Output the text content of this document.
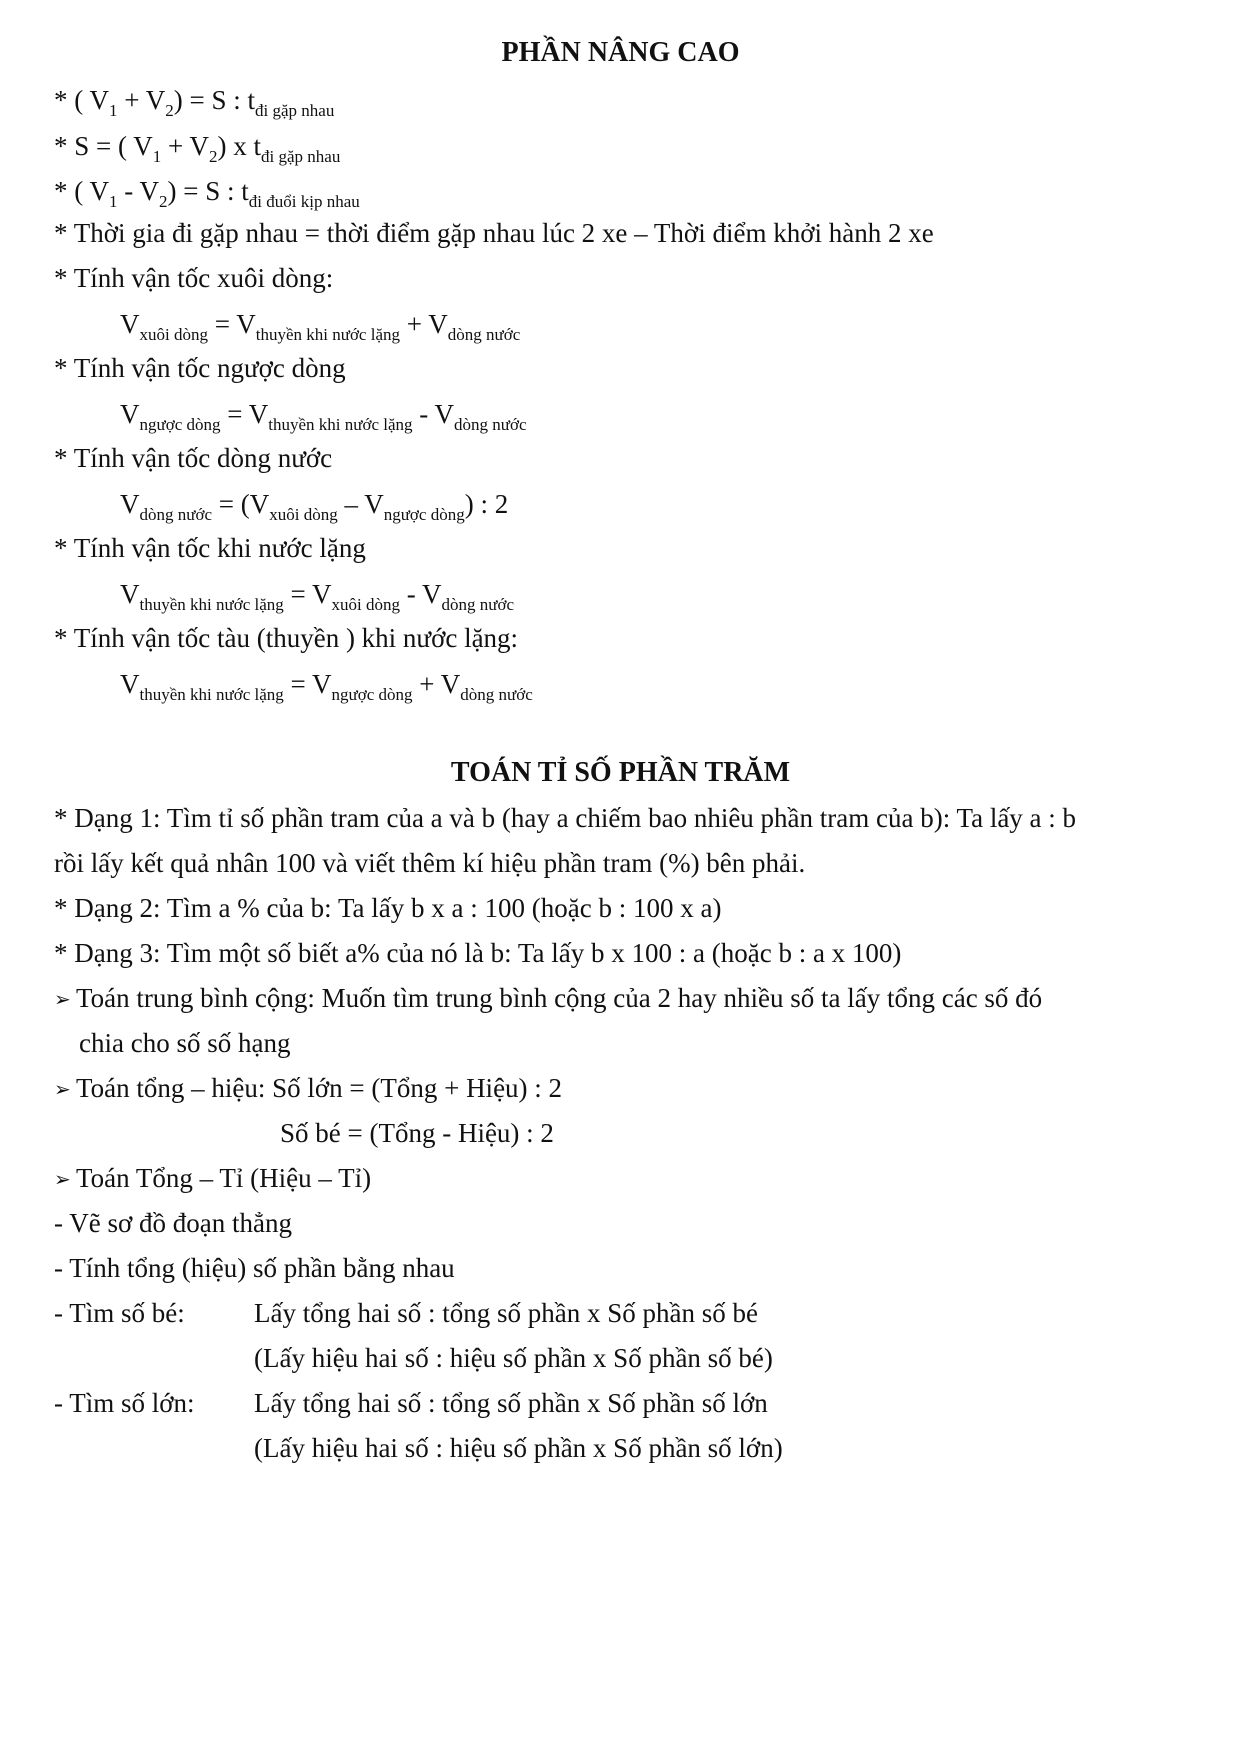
PHẦN NÂNG CAO
* ( $V_1 + V_2) = S$ : $t_{đi gặp nhau}$
* S = ( $V_1 + V_2$) x $t_{đi gặp nhau}$
* ( $V_1 - V_2) = S$ : $t_{đi đuổi kịp nhau}$
* Thời gia đi gặp nhau = thời điểm gặp nhau lúc 2 xe – Thời điểm khởi hành 2 xe
* Tính vận tốc xuôi dòng:
$V_{xuôi dòng} = V_{thuyền khi nước lặng} + V_{dòng nước}$
* Tính vận tốc ngược dòng
$V_{ngược dòng} = V_{thuyền khi nước lặng} - V_{dòng nước}$
* Tính vận tốc dòng nước
$V_{dòng nước} = (V_{xuôi dòng} - V_{ngược dòng})$ : 2
* Tính vận tốc khi nước lặng
$V_{thuyền khi nước lặng} = V_{xuôi dòng} - V_{dòng nước}$
* Tính vận tốc tàu (thuyền ) khi nước lặng:
$V_{thuyền khi nước lặng} = V_{ngược dòng} + V_{dòng nước}$
TOÁN TỈ SỐ PHẦN TRĂM
* Dạng 1: Tìm tỉ số phần tram của a và b (hay a chiếm bao nhiêu phần tram của b): Ta lấy a : b
rồi lấy kết quả nhân 100 và viết thêm kí hiệu phần tram (%) bên phải.
* Dạng 2: Tìm a % của b: Ta lấy b x a : 100 (hoặc b : 100 x a)
* Dạng 3: Tìm một số biết a% của nó là b: Ta lấy b x 100 : a (hoặc b : a x 100)
➢ Toán trung bình cộng: Muốn tìm trung bình cộng của 2 hay nhiều số ta lấy tổng các số đó
chia cho số số hạng
➢ Toán tổng – hiệu: Số lớn = (Tổng + Hiệu) : 2
Số bé = (Tổng - Hiệu) : 2
➢ Toán Tổng – Tỉ (Hiệu – Tỉ)
- Vẽ sơ đồ đoạn thẳng
- Tính tổng (hiệu) số phần bằng nhau
- Tìm số bé:	Lấy tổng hai số : tổng số phần x Số phần số bé
(Lấy hiệu hai số : hiệu số phần x Số phần số bé)
- Tìm số lớn: Lấy tổng hai số : tổng số phần x Số phần số lớn
(Lấy hiệu hai số : hiệu số phần x Số phần số lớn)
